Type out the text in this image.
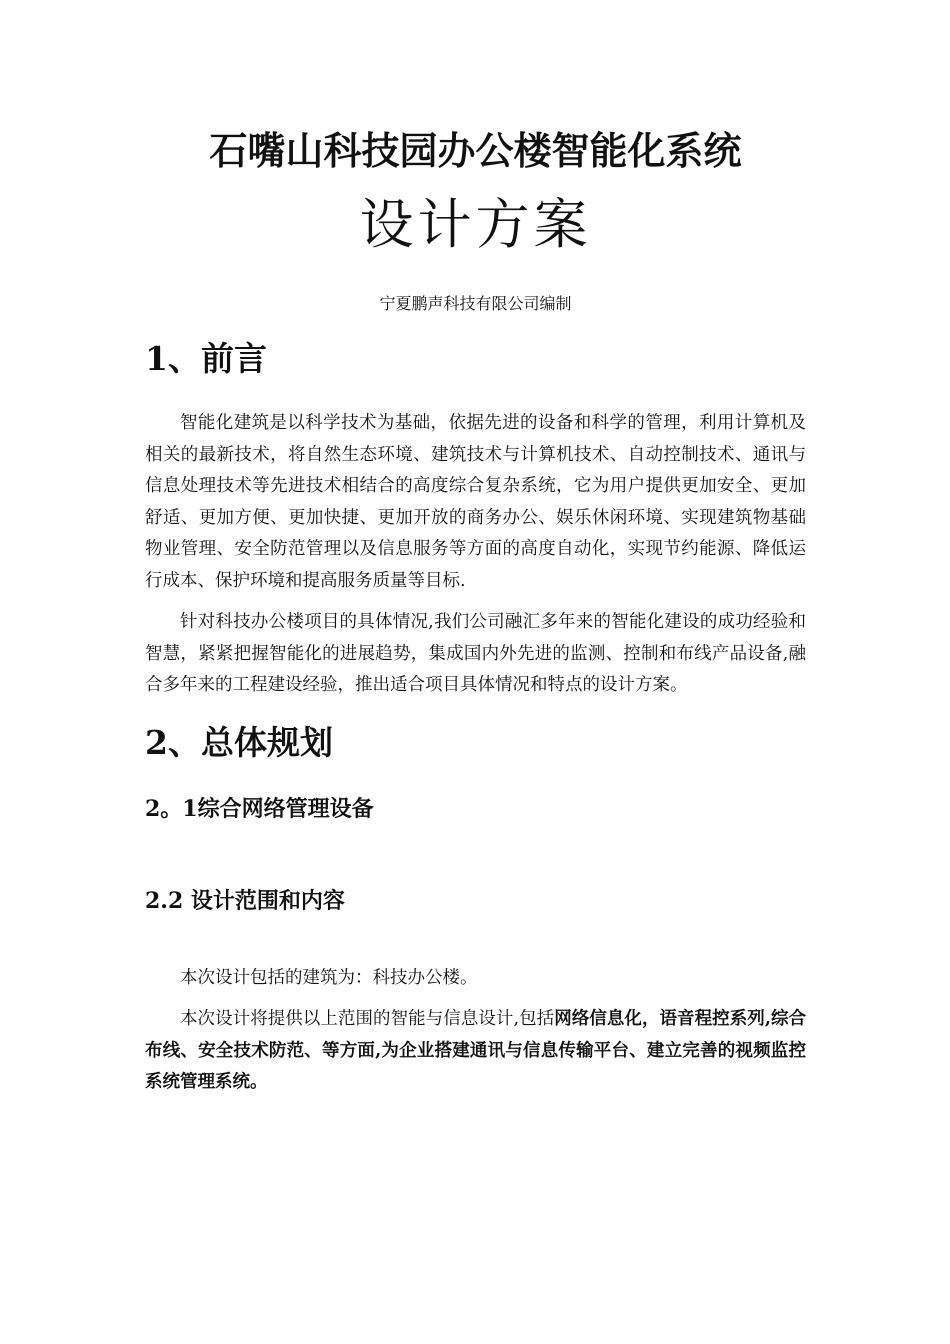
石嘴山科技园办公楼智能化系统
设计方案
宁夏鹏声科技有限公司编制
1、前言

智能化建筑是以科学技术为基础，依据先进的设备和科学的管理，利用计算机及相关的最新技术，将自然生态环境、建筑技术与计算机技术、自动控制技术、通讯与信息处理技术等先进技术相结合的高度综合复杂系统，它为用户提供更加安全、更加舒适、更加方便、更加快捷、更加开放的商务办公、娱乐休闲环境、实现建筑物基础物业管理、安全防范管理以及信息服务等方面的高度自动化，实现节约能源、降低运行成本、保护环境和提高服务质量等目标.

针对科技办公楼项目的具体情况,我们公司融汇多年来的智能化建设的成功经验和智慧，紧紧把握智能化的进展趋势，集成国内外先进的监测、控制和布线产品设备,融合多年来的工程建设经验，推出适合项目具体情况和特点的设计方案。

2、总体规划
2。1综合网络管理设备
2.2 设计范围和内容

本次设计包括的建筑为：科技办公楼。

本次设计将提供以上范围的智能与信息设计,包括网络信息化，语音程控系列,综合布线、安全技术防范、等方面,为企业搭建通讯与信息传输平台、建立完善的视频监控系统管理系统。
